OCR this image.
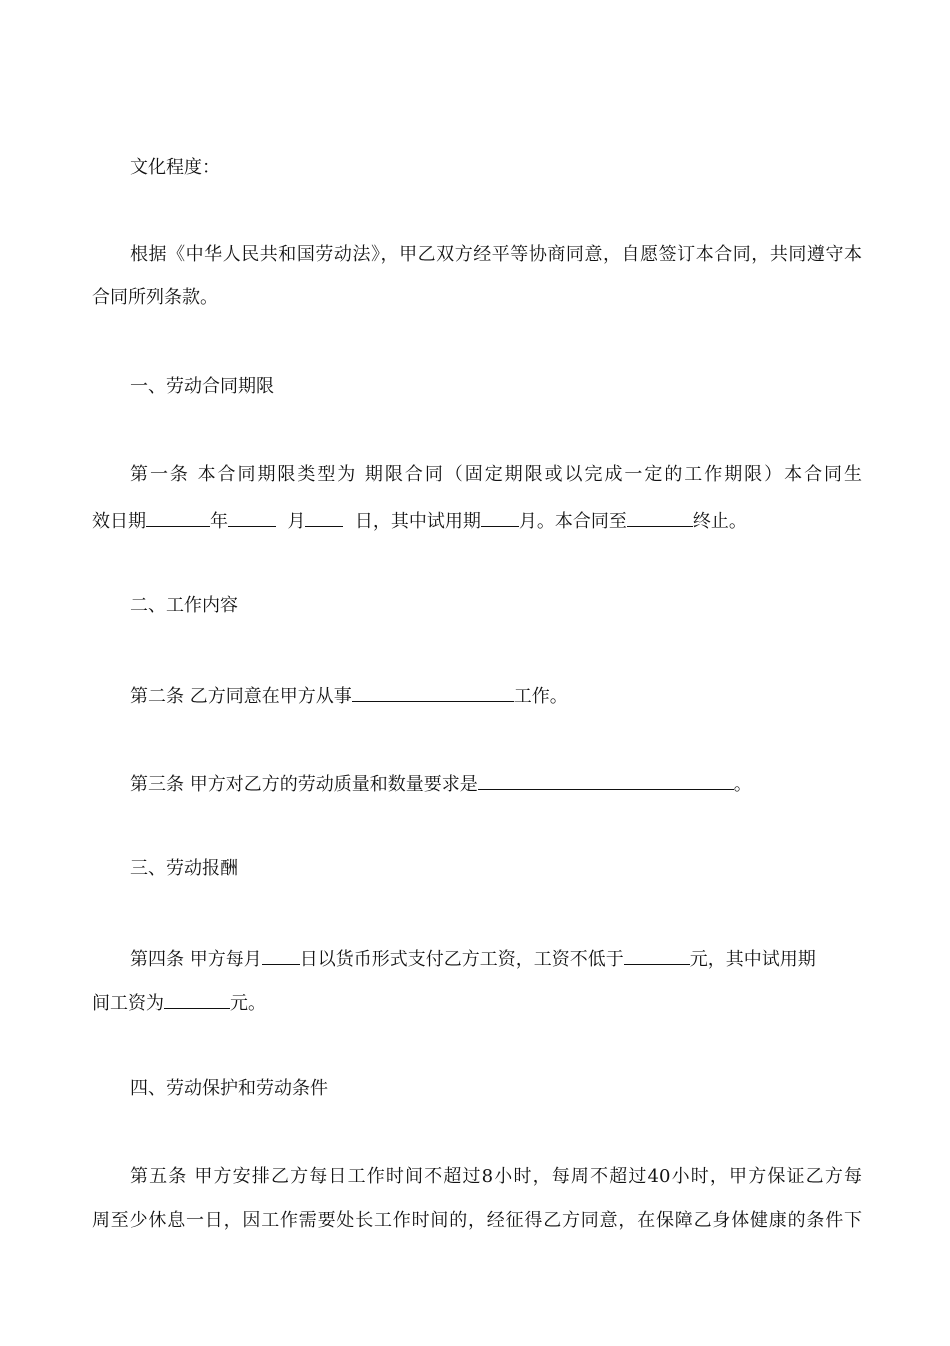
文化程度：
根据《中华人民共和国劳动法》，甲乙双方经平等协商同意，自愿签订本合同，共同遵守本
合同所列条款。
一、劳动合同期限
第一条 本合同期限类型为 期限合同（固定期限或以完成一定的工作期限）本合同生
效日期	年	月	日，其中试用期 月。本合同至	终止。
二、工作内容
第二条 乙方同意在甲方从事	工作。
第三条 甲方对乙方的劳动质量和数量要求是	。
三、劳动报酬
第四条 甲方每月 日以货币形式支付乙方工资，工资不低于	元，其中试用期
间工资为	元。
四、劳动保护和劳动条件
第五条 甲方安排乙方每日工作时间不超过8小时，每周不超过40小时，甲方保证乙方每
周至少休息一日，因工作需要处长工作时间的，经征得乙方同意，在保障乙身体健康的条件下
